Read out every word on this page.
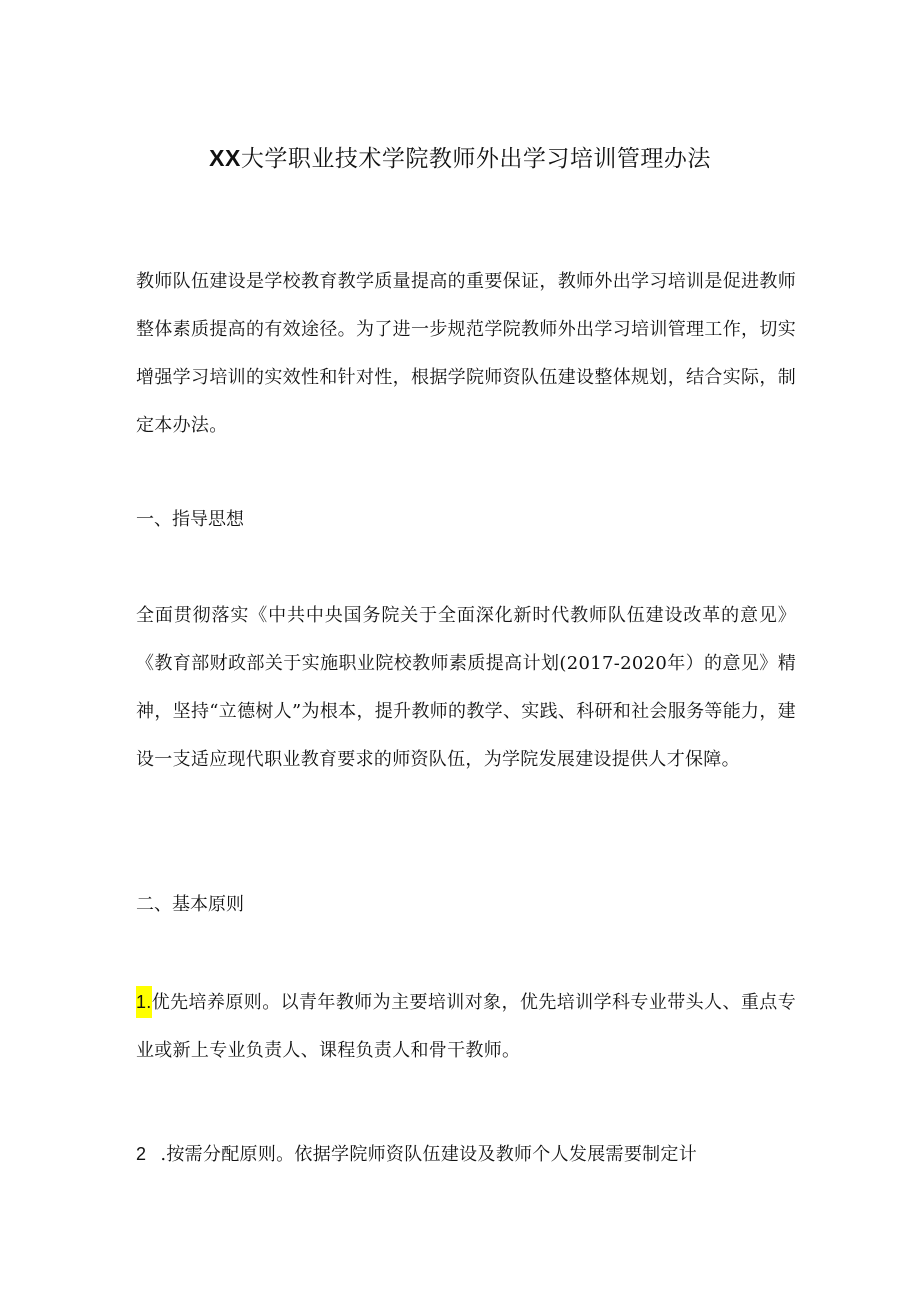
XX大学职业技术学院教师外出学习培训管理办法

教师队伍建设是学校教育教学质量提高的重要保证，教师外出学习培训是促进教师整体素质提高的有效途径。为了进一步规范学院教师外出学习培训管理工作，切实增强学习培训的实效性和针对性，根据学院师资队伍建设整体规划，结合实际，制定本办法。

一、指导思想

全面贯彻落实《中共中央国务院关于全面深化新时代教师队伍建设改革的意见》《教育部财政部关于实施职业院校教师素质提高计划(2017-2020年）的意见》精神，坚持“立德树人”为根本，提升教师的教学、实践、科研和社会服务等能力，建设一支适应现代职业教育要求的师资队伍，为学院发展建设提供人才保障。

二、基本原则

1.优先培养原则。以青年教师为主要培训对象，优先培训学科专业带头人、重点专业或新上专业负责人、课程负责人和骨干教师。

2 .按需分配原则。依据学院师资队伍建设及教师个人发展需要制定计
